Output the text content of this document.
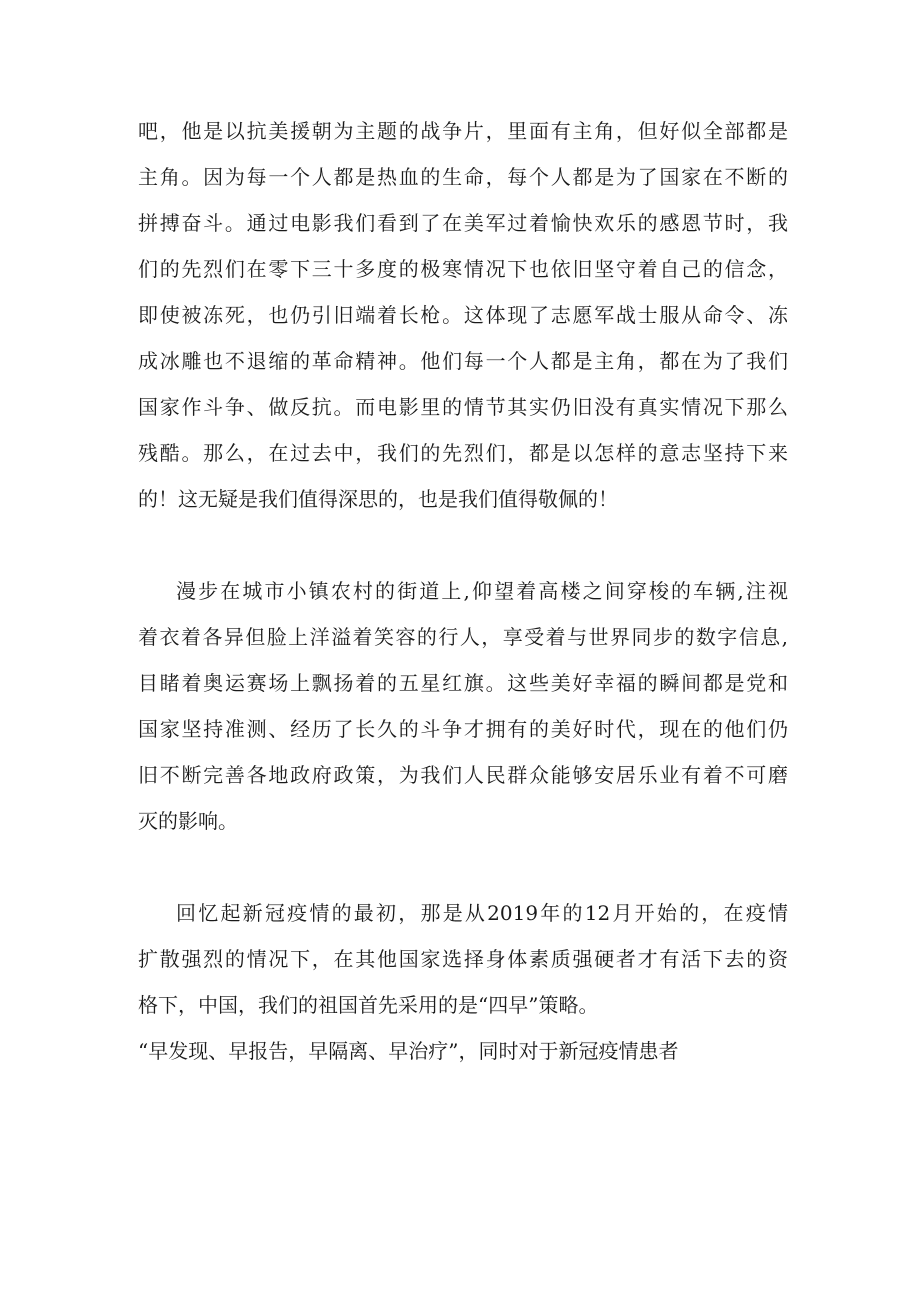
吧，他是以抗美援朝为主题的战争片，里面有主角，但好似全部都是
主角。因为每一个人都是热血的生命，每个人都是为了国家在不断的
拼搏奋斗。通过电影我们看到了在美军过着愉快欢乐的感恩节时，我
们的先烈们在零下三十多度的极寒情况下也依旧坚守着自己的信念，
即使被冻死，也仍引旧端着长枪。这体现了志愿军战士服从命令、冻
成冰雕也不退缩的革命精神。他们每一个人都是主角，都在为了我们
国家作斗争、做反抗。而电影里的情节其实仍旧没有真实情况下那么
残酷。那么，在过去中，我们的先烈们，都是以怎样的意志坚持下来
的！这无疑是我们值得深思的，也是我们值得敬佩的！
漫步在城市小镇农村的街道上,仰望着高楼之间穿梭的车辆,注视
着衣着各异但脸上洋溢着笑容的行人，享受着与世界同步的数字信息,
目睹着奥运赛场上飘扬着的五星红旗。这些美好幸福的瞬间都是党和
国家坚持准测、经历了长久的斗争才拥有的美好时代，现在的他们仍
旧不断完善各地政府政策，为我们人民群众能够安居乐业有着不可磨
灭的影响。
回忆起新冠疫情的最初，那是从2019年的12月开始的，在疫情
扩散强烈的情况下，在其他国家选择身体素质强硬者才有活下去的资
格下，中国，我们的祖国首先采用的是“四早”策略。
“早发现、早报告，早隔离、早治疗”，同时对于新冠疫情患者
